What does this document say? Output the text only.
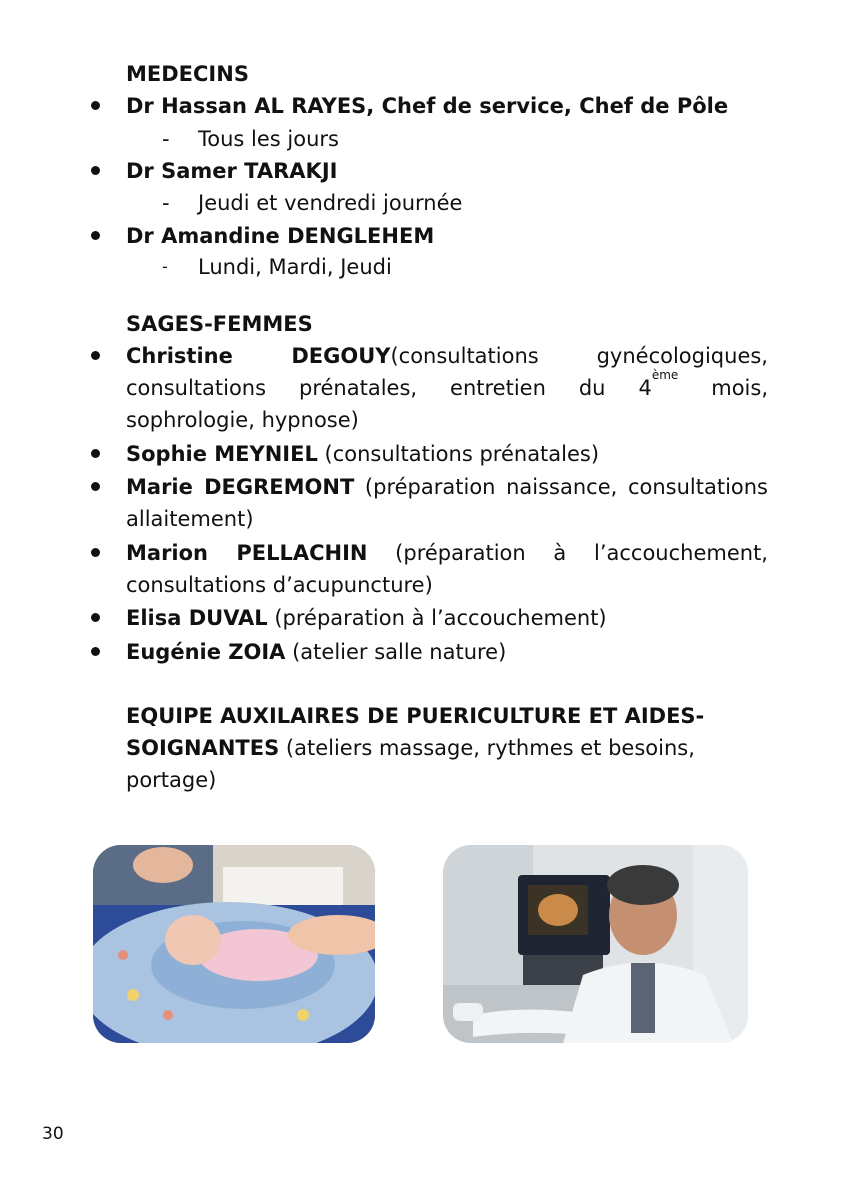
MEDECINS
Dr Hassan AL RAYES, Chef de service, Chef de Pôle
- Tous les jours
Dr Samer TARAKJI
- Jeudi et vendredi journée
Dr Amandine DENGLEHEM
- Lundi, Mardi, Jeudi
SAGES-FEMMES
Christine DEGOUY(consultations gynécologiques,
consultations prénatales, entretien du 4ème mois,
sophrologie, hypnose)
Sophie MEYNIEL (consultations prénatales)
Marie DEGREMONT (préparation naissance, consultations
allaitement)
Marion PELLACHIN (préparation à l’accouchement,
consultations d’acupuncture)
Elisa DUVAL (préparation à l’accouchement)
Eugénie ZOIA (atelier salle nature)
EQUIPE AUXILAIRES DE PUERICULTURE ET AIDES-
SOIGNANTES (ateliers massage, rythmes et besoins,
portage)
30
